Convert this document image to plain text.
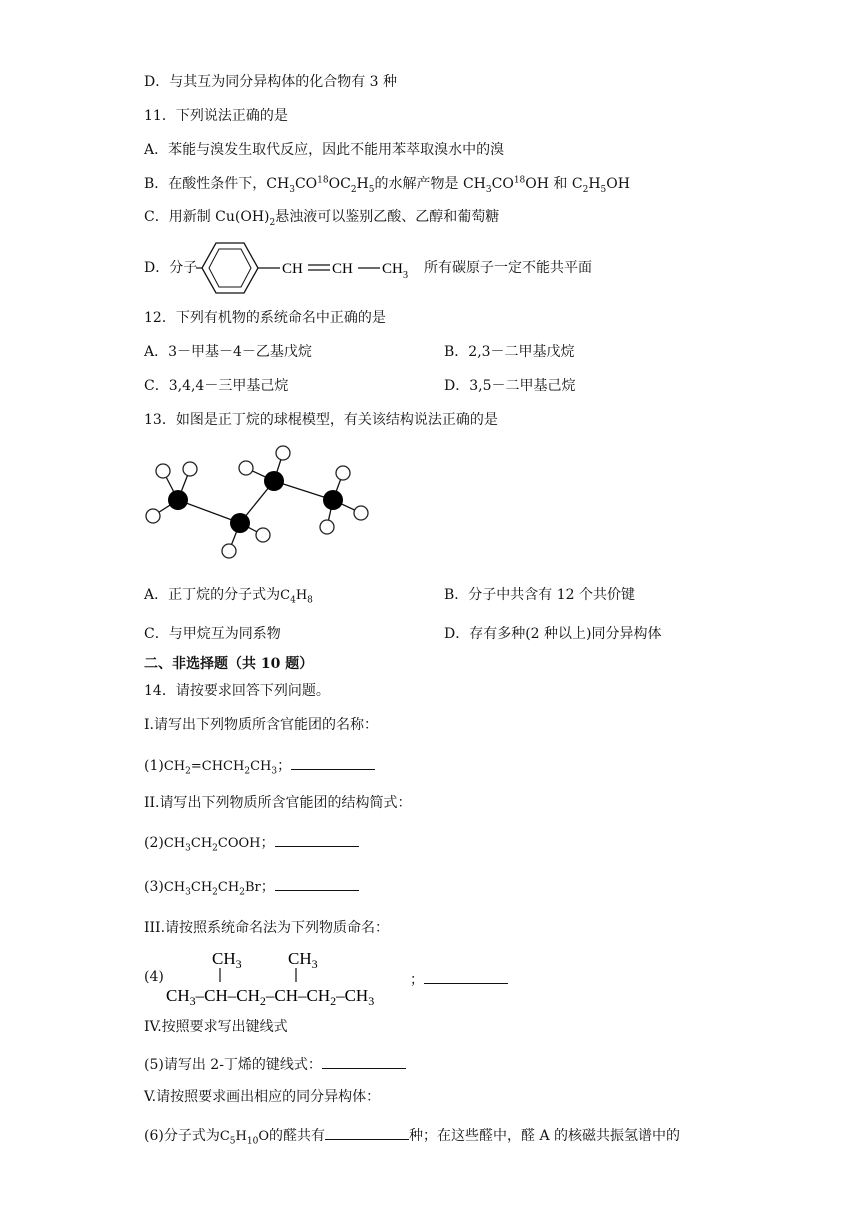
D．与其互为同分异构体的化合物有 3 种
11．下列说法正确的是
A．苯能与溴发生取代反应，因此不能用苯萃取溴水中的溴
B．在酸性条件下，$CH_3CO^{18}OC_2H_5$的水解产物是 $CH_3CO^{18}OH$ 和 $C_2H_5OH$
C．用新制 $Cu(OH)_2$悬浊液可以鉴别乙酸、乙醇和葡萄糖
D．分子	CH CH CH 3 所有碳原子一定不能共平面
12．下列有机物的系统命名中正确的是
A．3－甲基－4－乙基戊烷	B．2,3－二甲基戊烷
C．3,4,4－三甲基己烷	D．3,5－二甲基己烷
13．如图是正丁烷的球棍模型，有关该结构说法正确的是
A．正丁烷的分子式为$C_4H_8$	B．分子中共含有 12 个共价键
C．与甲烷互为同系物	D．存有多种(2 种以上)同分异构体
二、非选择题（共 10 题）
14．请按要求回答下列问题。
I.请写出下列物质所含官能团的名称：
$(1)CH_2=CHCH_2CH_3$；
II.请写出下列物质所含官能团的结构简式：
$(2)CH_3CH_2COOH$；
$(3)CH_3CH_2CH_2Br$；
III.请按照系统命名法为下列物质命名：
(4)
$CH_3$	$CH_3$
$CH_3-CH-CH_2-CH-CH_2-CH_3$
；
IV.按照要求写出键线式
(5)请写出 2-丁烯的键线式：
V.请按照要求画出相应的同分异构体：
(6)分子式为$C_5H_{10}O$的醛共有	种；在这些醛中，醛 A 的核磁共振氢谱中的
